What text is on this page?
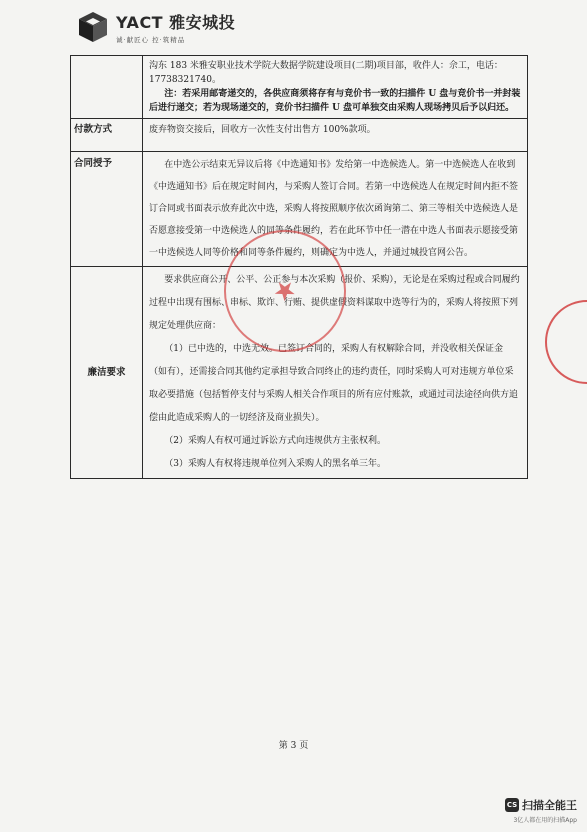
YACT 雅安城投
诚·献匠心 控·筑精品

	沟东 183 米雅安职业技术学院大数据学院建设项目(二期)项目部，收件人：佘工，电话：17738321740。

注：若采用邮寄递交的，各供应商须将存有与竞价书一致的扫描件 U 盘与竞价书一并封装后进行递交；若为现场递交的，竞价书扫描件 U 盘可单独交由采购人现场拷贝后予以归还。

付款方式	废弃物资交接后，回收方一次性支付出售方 100%款项。

合同授予	在中选公示结束无异议后将《中选通知书》发给第一中选候选人。第一中选候选人在收到《中选通知书》后在规定时间内，与采购人签订合同。若第一中选候选人在规定时间内拒不签订合同或书面表示放弃此次中选，采购人将按照顺序依次函询第二、第三等相关中选候选人是否愿意接受第一中选候选人的同等条件履约，若在此环节中任一潜在中选人书面表示愿接受第一中选候选人同等价格和同等条件履约，则确定为中选人，并通过城投官网公告。

廉洁要求	要求供应商公开、公平、公正参与本次采购（报价、采购），无论是在采购过程或合同履约过程中出现有围标、串标、欺诈、行贿、提供虚假资料谋取中选等行为的，采购人将按照下列规定处理供应商：

（1）已中选的，中选无效。已签订合同的，采购人有权解除合同，并没收相关保证金（如有），还需接合同其他约定承担导致合同终止的违约责任，同时采购人可对违规方单位采取必要措施（包括暂停支付与采购人相关合作项目的所有应付账款，或通过司法途径向供方追偿由此造成采购人的一切经济及商业损失）。

（2）采购人有权可通过诉讼方式向违规供方主张权利。

（3）采购人有权将违规单位列入采购人的黑名单三年。

★
第 3 页
CS 扫描全能王
3亿人都在用的扫描App
